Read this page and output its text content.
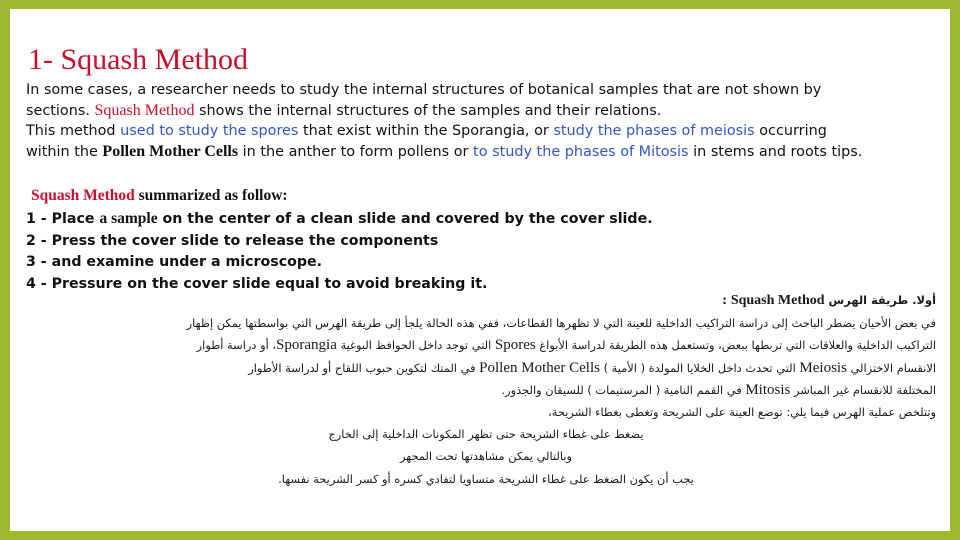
1- Squash Method
In some cases, a researcher needs to study the internal structures of botanical samples that are not shown by
sections. Squash Method shows the internal structures of the samples and their relations.
This method used to study the spores that exist within the Sporangia, or study the phases of meiosis occurring
within the Pollen Mother Cells in the anther to form pollens or to study the phases of Mitosis in stems and roots tips.
Squash Method summarized as follow:
1 - Place a sample on the center of a clean slide and covered by the cover slide.
2 - Press the cover slide to release the components
3 - and examine under a microscope.
4 - Pressure on the cover slide equal to avoid breaking it.
أولا. طريقة الهرس Squash Method :
في بعض الأحيان يضطر الباحث إلى دراسة التراكيب الداخلية للعينة التي لا تظهرها القطاعات، ففي هذه الحالة يلجأ إلى طريقة الهرس التي بواسطتها يمكن إظهار
التراكيب الداخلية والعلاقات التي تربطها ببعض، وتستعمل هذه الطريقة لدراسة الأبواغ Spores التي توجد داخل الحوافظ البوغية Sporangia، أو دراسة أطوار
الانقسام الاختزالي Meiosis التي تحدث داخل الخلايا المولدة ( الأمية ) Pollen Mother Cells في المتك لتكوين حبوب اللقاح أو لدراسة الأطوار
المختلفة للانقسام غير المباشر Mitosis في القمم النامية ( المرستيمات ) للسيقان والجذور.
وتتلخص عملية الهرس فيما يلي: توضع العينة على الشريحة وتغطى بغطاء الشريحة،
يضغط على غطاء الشريحة حتى تظهر المكونات الداخلية إلى الخارج
وبالتالي يمكن مشاهدتها تحت المجهر
يجب أن يكون الضغط على غطاء الشريحة متساويا لتفادي كسره أو كسر الشريحة نفسها.
